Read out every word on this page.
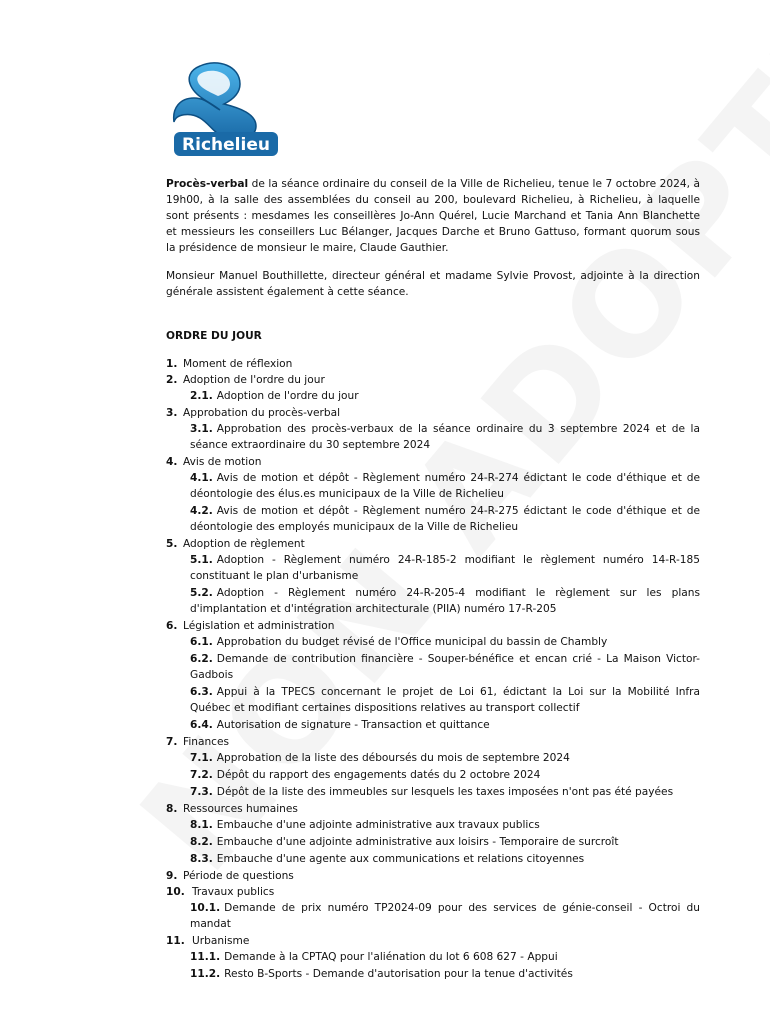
Richelieu

Procès-verbal de la séance ordinaire du conseil de la Ville de Richelieu, tenue le 7 octobre 2024, à 19h00, à la salle des assemblées du conseil au 200, boulevard Richelieu, à Richelieu, à laquelle sont présents : mesdames les conseillères Jo-Ann Quérel, Lucie Marchand et Tania Ann Blanchette et messieurs les conseillers Luc Bélanger, Jacques Darche et Bruno Gattuso, formant quorum sous la présidence de monsieur le maire, Claude Gauthier.

Monsieur Manuel Bouthillette, directeur général et madame Sylvie Provost, adjointe à la direction générale assistent également à cette séance.

ORDRE DU JOUR
1. Moment de réflexion
2. Adoption de l'ordre du jour
2.1. Adoption de l'ordre du jour
3. Approbation du procès-verbal
3.1. Approbation des procès-verbaux de la séance ordinaire du 3 septembre 2024 et de la séance extraordinaire du 30 septembre 2024
4. Avis de motion
4.1. Avis de motion et dépôt - Règlement numéro 24-R-274 édictant le code d'éthique et de déontologie des élus.es municipaux de la Ville de Richelieu
4.2. Avis de motion et dépôt - Règlement numéro 24-R-275 édictant le code d'éthique et de déontologie des employés municipaux de la Ville de Richelieu
5. Adoption de règlement
5.1. Adoption - Règlement numéro 24-R-185-2 modifiant le règlement numéro 14-R-185 constituant le plan d'urbanisme
5.2. Adoption - Règlement numéro 24-R-205-4 modifiant le règlement sur les plans d'implantation et d'intégration architecturale (PIIA) numéro 17-R-205
6. Législation et administration
6.1. Approbation du budget révisé de l'Office municipal du bassin de Chambly
6.2. Demande de contribution financière - Souper-bénéfice et encan crié - La Maison Victor-Gadbois
6.3. Appui à la TPECS concernant le projet de Loi 61, édictant la Loi sur la Mobilité Infra Québec et modifiant certaines dispositions relatives au transport collectif
6.4. Autorisation de signature - Transaction et quittance
7. Finances
7.1. Approbation de la liste des déboursés du mois de septembre 2024
7.2. Dépôt du rapport des engagements datés du 2 octobre 2024
7.3. Dépôt de la liste des immeubles sur lesquels les taxes imposées n'ont pas été payées
8. Ressources humaines
8.1. Embauche d'une adjointe administrative aux travaux publics
8.2. Embauche d'une adjointe administrative aux loisirs - Temporaire de surcroît
8.3. Embauche d'une agente aux communications et relations citoyennes
9. Période de questions
10. Travaux publics
10.1. Demande de prix numéro TP2024-09 pour des services de génie-conseil - Octroi du mandat
11. Urbanisme
11.1. Demande à la CPTAQ pour l'aliénation du lot 6 608 627 - Appui
11.2. Resto B-Sports - Demande d'autorisation pour la tenue d'activités
